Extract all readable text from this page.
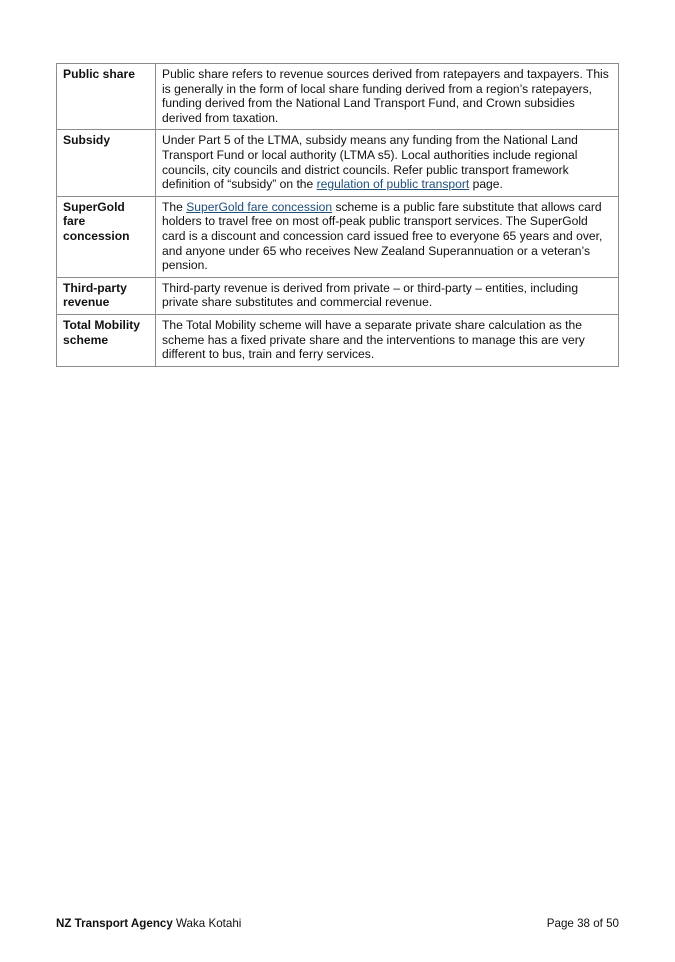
Public share	Public share refers to revenue sources derived from ratepayers and taxpayers. This is generally in the form of local share funding derived from a region’s ratepayers, funding derived from the National Land Transport Fund, and Crown subsidies derived from taxation.
Subsidy	Under Part 5 of the LTMA, subsidy means any funding from the National Land Transport Fund or local authority (LTMA s5). Local authorities include regional councils, city councils and district councils. Refer public transport framework definition of “subsidy” on the regulation of public transport page.
SuperGold fare concession	The SuperGold fare concession scheme is a public fare substitute that allows card holders to travel free on most off-peak public transport services. The SuperGold card is a discount and concession card issued free to everyone 65 years and over, and anyone under 65 who receives New Zealand Superannuation or a veteran’s pension.
Third-party revenue	Third-party revenue is derived from private – or third-party – entities, including private share substitutes and commercial revenue.
Total Mobility scheme	The Total Mobility scheme will have a separate private share calculation as the scheme has a fixed private share and the interventions to manage this are very different to bus, train and ferry services.
NZ Transport Agency Waka Kotahi	Page 38 of 50
